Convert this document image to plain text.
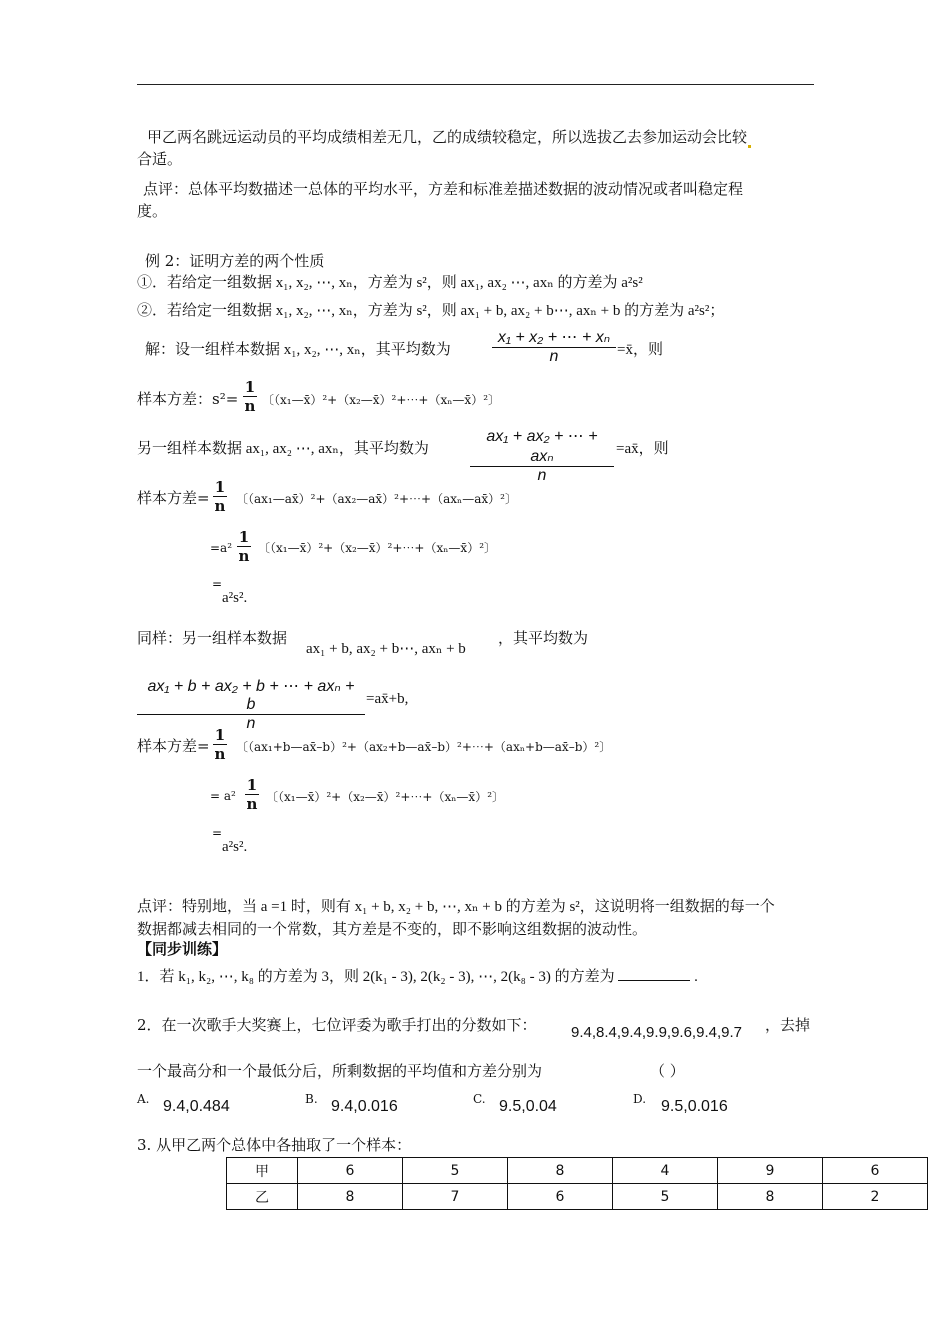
甲乙两名跳远运动员的平均成绩相差无几，乙的成绩较稳定，所以选拔乙去参加运动会比较
合适。
点评：总体平均数描述一总体的平均水平，方差和标准差描述数据的波动情况或者叫稳定程
度。
例 2：证明方差的两个性质
①．若给定一组数据 x₁, x₂, ⋯, xₙ，方差为 s²，则 ax₁, ax₂ ⋯, axₙ 的方差为 a²s²
②．若给定一组数据 x₁, x₂, ⋯, xₙ，方差为 s²，则 ax₁ + b, ax₂ + b⋯, axₙ + b 的方差为 a²s²；
解：设一组样本数据 x₁, x₂, ⋯, xₙ，其平均数为	$\frac{\text{x₁ + x₂ + ⋯ + xₙ}}{n}$ =x̄，则
样本方差：s²=
1
n 〔（x₁—x̄）²+（x₂—x̄）²+⋯+（xₙ—x̄）²〕
另一组样本数据 ax₁, ax₂ ⋯, axₙ，其平均数为
ax₁ + ax₂ + ⋯ + axₙ
n
=ax̄，则
样本方差=
1
n 〔（ax₁—ax̄）²+（ax₂—ax̄）²+⋯+（axₙ—ax̄）²〕
=a²
1
n 〔（x₁—x̄）²+（x₂—x̄）²+⋯+（xₙ—x̄）²〕
=
a²s².
同样：另一组样本数据
ax₁ + b, ax₂ + b⋯, axₙ + b
，其平均数为
ax₁ + b + ax₂ + b + ⋯ + axₙ + b
n
=ax̄+b,
样本方差=
1
n 〔（ax₁+b—ax̄–b）²+（ax₂+b—ax̄–b）²+⋯+（axₙ+b—ax̄–b）²〕
= a²
1
n 〔（x₁—x̄）²+（x₂—x̄）²+⋯+（xₙ—x̄）²〕
=
a²s².
点评：特别地，当 a =1 时，则有 x₁ + b, x₂ + b, ⋯, xₙ + b 的方差为 s²，这说明将一组数据的每一个
数据都减去相同的一个常数，其方差是不变的，即不影响这组数据的波动性。
【同步训练】
1．若 k₁, k₂, ⋯, k₈ 的方差为 3，则 2(k₁ - 3), 2(k₂ - 3), ⋯, 2(k₈ - 3) 的方差为	.
2．在一次歌手大奖赛上，七位评委为歌手打出的分数如下： 9.4,8.4,9.4,9.9,9.6,9.4,9.7 ，去掉
一个最高分和一个最低分后，所剩数据的平均值和方差分别为	（ ）
A. 9.4,0.484	B. 9.4,0.016	C. 9.5,0.04	D. 9.5,0.016
3. 从甲乙两个总体中各抽取了一个样本：
甲	6	5	8	4	9	6
乙	8	7	6	5	8	2
